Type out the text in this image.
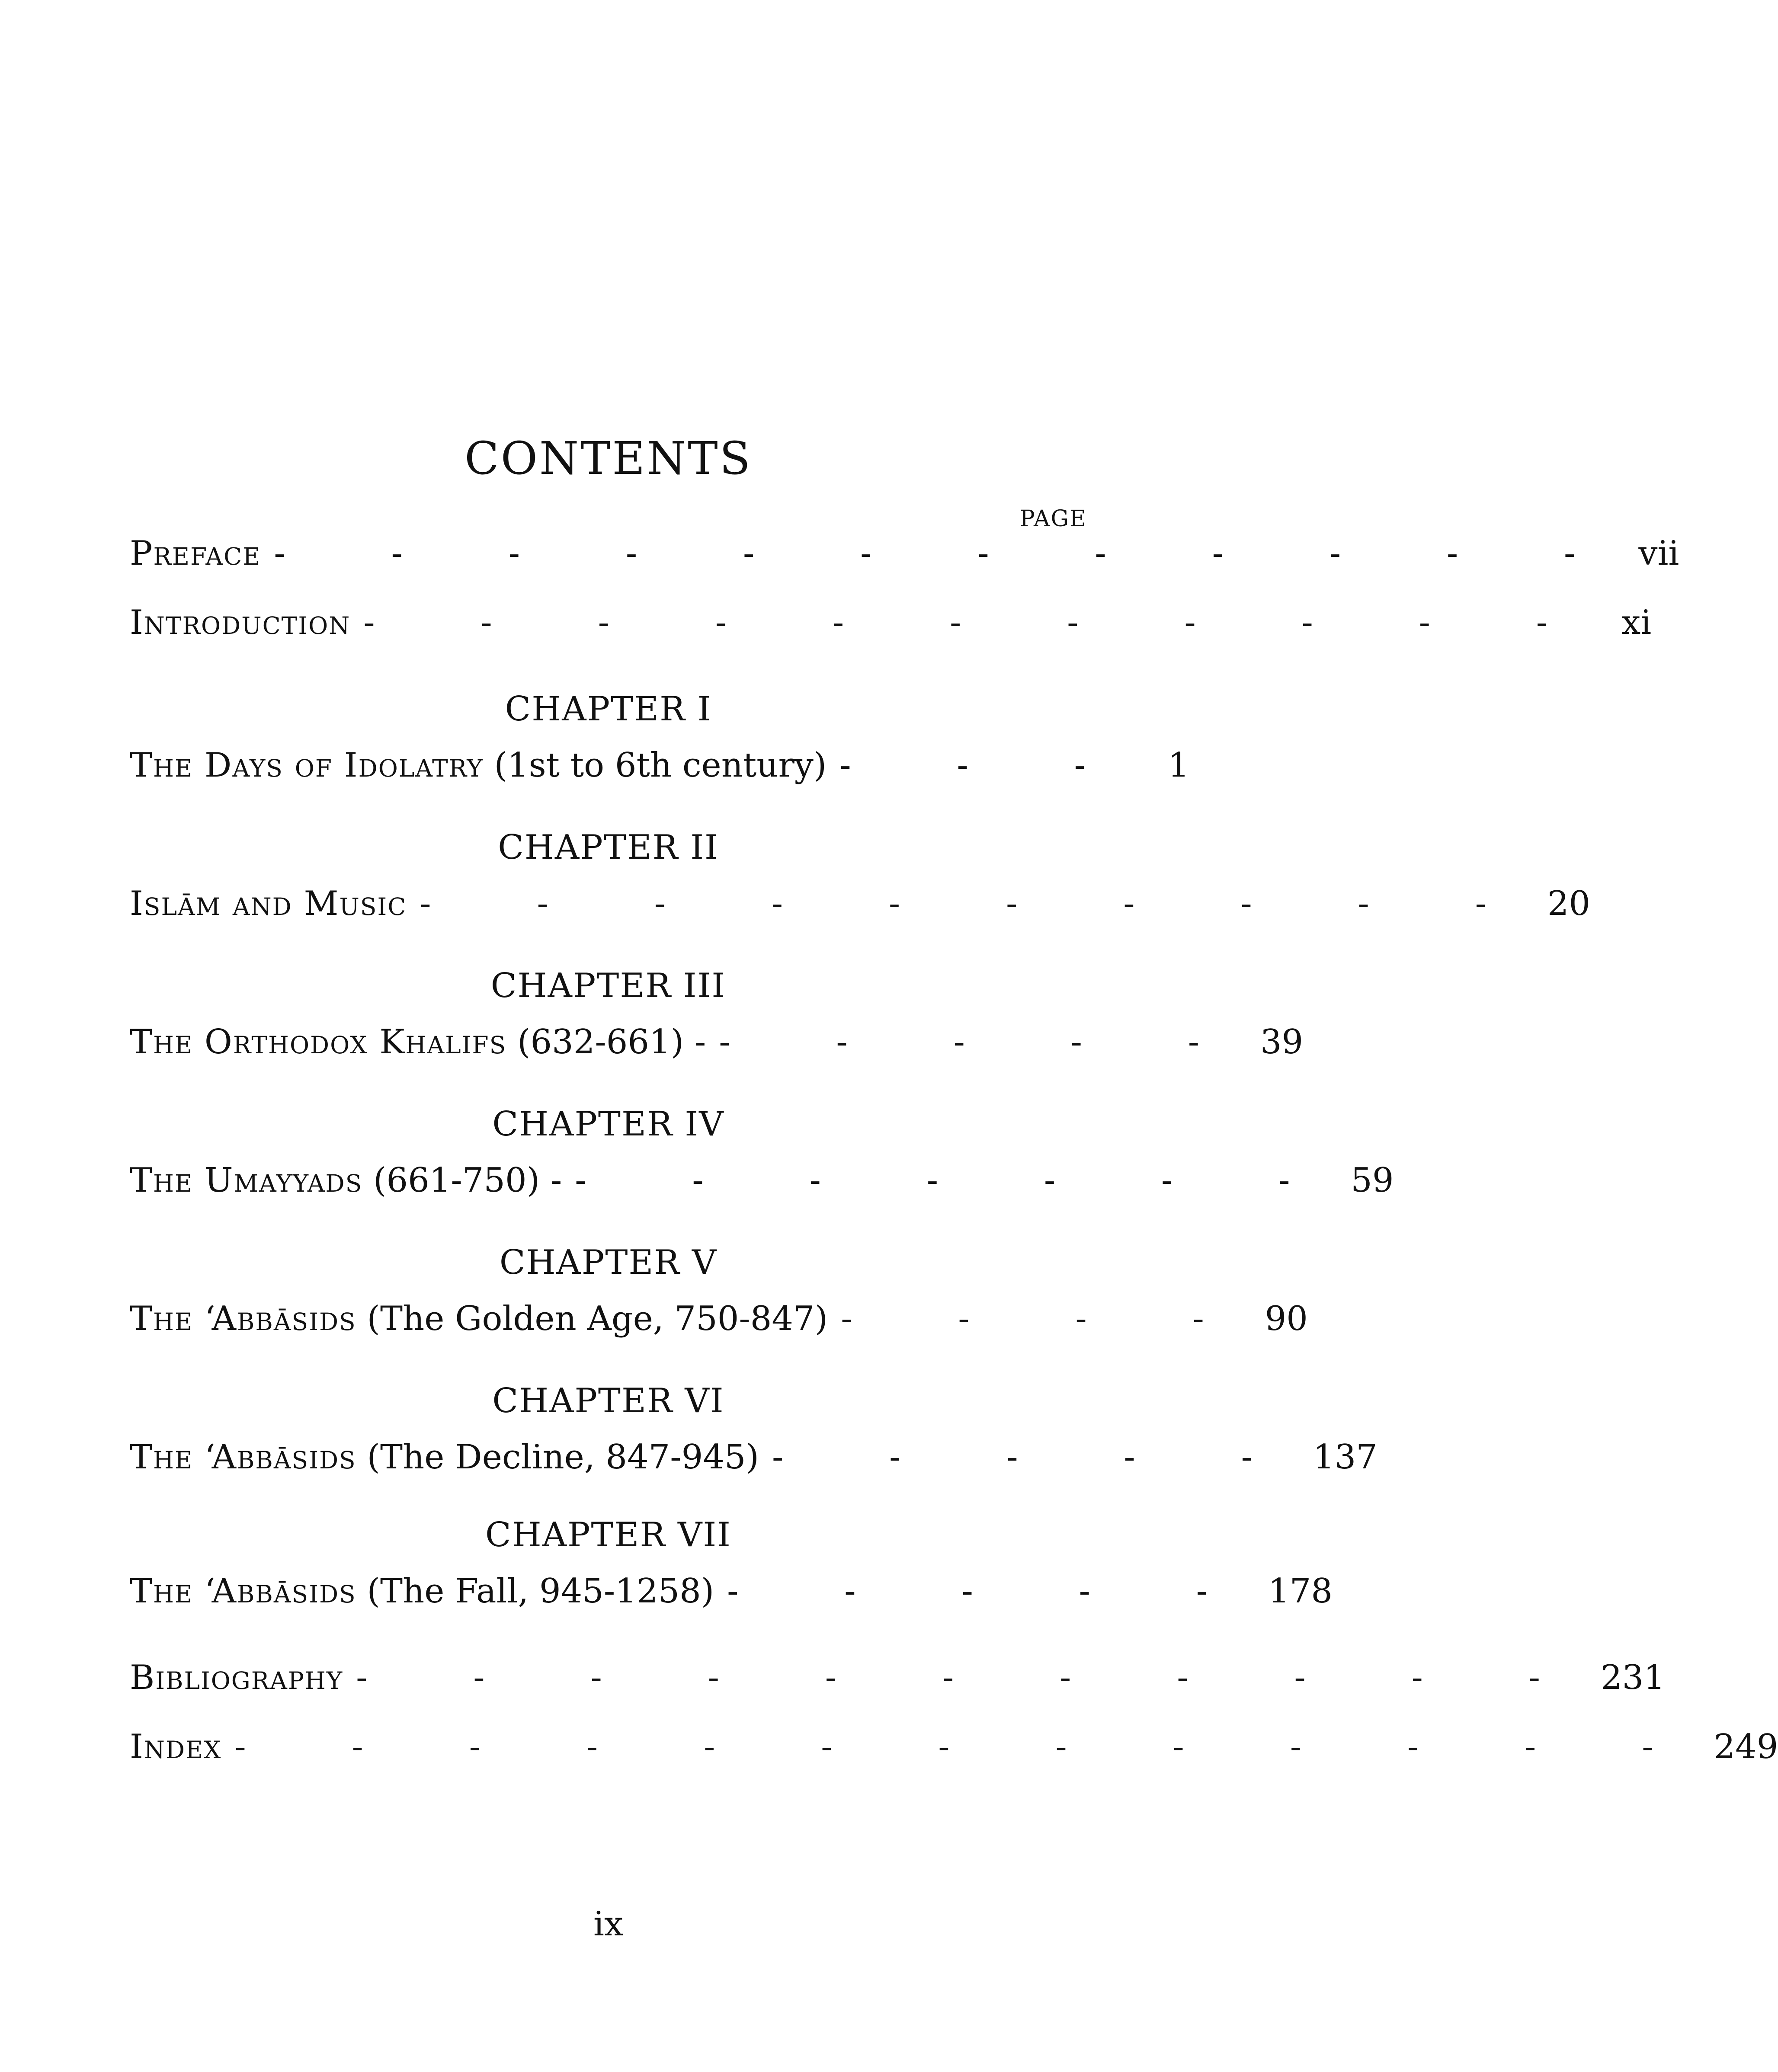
CONTENTS
PAGE
Preface - - - - - - - - - - - - vii
Introduction - - - - - - - - - - - xi
CHAPTER I
The Days of Idolatry (1st to 6th century) - - -	1
CHAPTER II
Islām and Music - - - - - - - - - - 20
CHAPTER III
The Orthodox Khalifs (632-661) - - - - - - 39
CHAPTER IV
The Umayyads (661-750) - - - - - - - - 59
CHAPTER V
The ‘Abbāsids (The Golden Age, 750-847) - - - - 90
CHAPTER VI
The ‘Abbāsids (The Decline, 847-945) - - - - - 137
CHAPTER VII
The ‘Abbāsids (The Fall, 945-1258) - - - - - 178
Bibliography - - - - - - - - - - - 231
Index - - - - - - - - - - - - - 249
ix
